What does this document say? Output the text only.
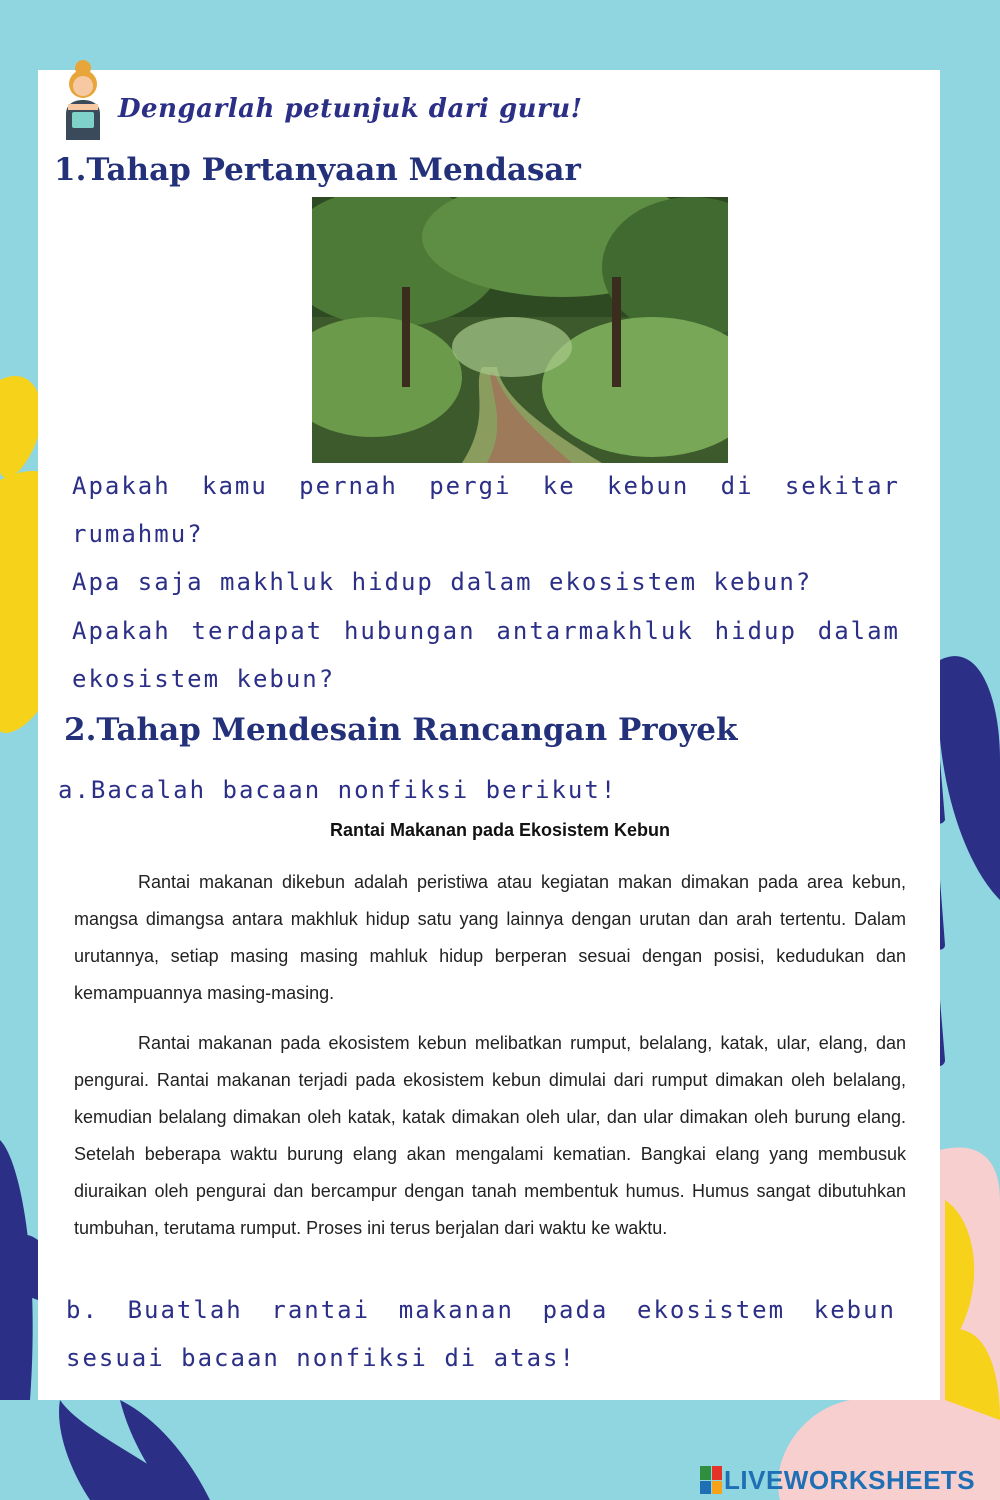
Dengarlah petunjuk dari guru!
1.Tahap Pertanyaan Mendasar
Apakah kamu pernah pergi ke kebun di sekitar rumahmu?
Apa saja makhluk hidup dalam ekosistem kebun?
Apakah terdapat hubungan antarmakhluk hidup dalam ekosistem kebun?
2.Tahap Mendesain Rancangan Proyek
a.Bacalah bacaan nonfiksi berikut!
Rantai Makanan pada Ekosistem Kebun
Rantai makanan dikebun adalah peristiwa atau kegiatan makan dimakan pada area kebun, mangsa dimangsa antara makhluk hidup satu yang lainnya dengan urutan dan arah tertentu. Dalam urutannya, setiap masing masing mahluk hidup berperan sesuai dengan posisi, kedudukan dan kemampuannya masing-masing.
Rantai makanan pada ekosistem kebun melibatkan rumput, belalang, katak, ular, elang, dan pengurai. Rantai makanan terjadi pada ekosistem kebun dimulai dari rumput dimakan oleh belalang, kemudian belalang dimakan oleh katak, katak dimakan oleh ular, dan ular dimakan oleh burung elang. Setelah beberapa waktu burung elang akan mengalami kematian. Bangkai elang yang membusuk diuraikan oleh pengurai dan bercampur dengan tanah membentuk humus. Humus sangat dibutuhkan tumbuhan, terutama rumput. Proses ini terus berjalan dari waktu ke waktu.
b. Buatlah rantai makanan pada ekosistem kebun sesuai bacaan nonfiksi di atas!
LIVEWORKSHEETS
